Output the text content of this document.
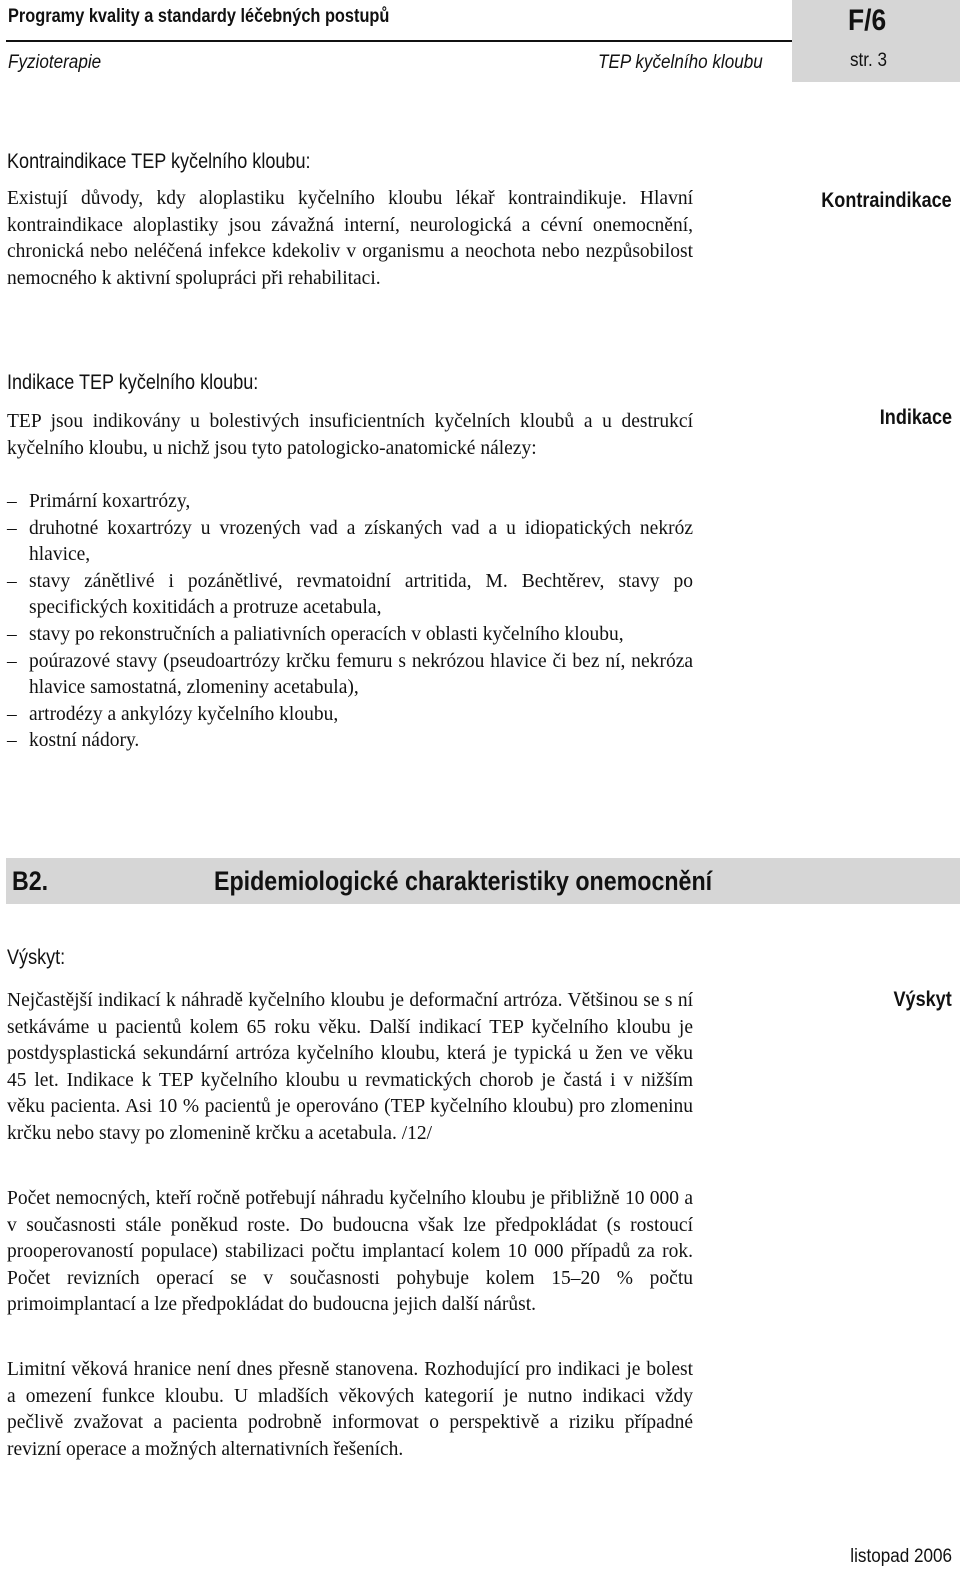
Programy kvality a standardy léčebných postupů
Fyzioterapie	TEP kyčelního kloubu
F/6
str. 3
Kontraindikace TEP kyčelního kloubu:

Existují důvody, kdy aloplastiku kyčelního kloubu lékař kontraindikuje. Hlavní kontraindikace aloplastiky jsou závažná interní, neurologická a cévní onemocnění, chronická nebo neléčená infekce kdekoliv v organismu a neochota nebo nezpůsobilost nemocného k aktivní spolupráci při rehabilitaci.

Kontraindikace
Indikace TEP kyčelního kloubu:

TEP jsou indikovány u bolestivých insuficientních kyčelních kloubů a u destrukcí kyčelního kloubu, u nichž jsou tyto patologicko-anatomické nálezy:

Indikace
– Primární koxartrózy,
– druhotné koxartrózy u vrozených vad a získaných vad a u idiopatických nekróz hlavice,
– stavy zánětlivé i pozánětlivé, revmatoidní artritida, M. Bechtěrev, stavy po specifických koxitidách a protruze acetabula,
– stavy po rekonstručních a paliativních operacích v oblasti kyčelního kloubu,
– poúrazové stavy (pseudoartrózy krčku femuru s nekrózou hlavice či bez ní, nekróza hlavice samostatná, zlomeniny acetabula),
– artrodézy a ankylózy kyčelního kloubu,
– kostní nádory.
B2.	Epidemiologické charakteristiky onemocnění
Výskyt:
Výskyt

Nejčastější indikací k náhradě kyčelního kloubu je deformační artróza. Většinou se s ní setkáváme u pacientů kolem 65 roku věku. Další indikací TEP kyčelního kloubu je postdysplastická sekundární artróza kyčelního kloubu, která je typická u žen ve věku 45 let. Indikace k TEP kyčelního kloubu u revmatických chorob je častá i v nižším věku pacienta. Asi 10 % pacientů je operováno (TEP kyčelního kloubu) pro zlomeninu krčku nebo stavy po zlomenině krčku a acetabula. /12/

Počet nemocných, kteří ročně potřebují náhradu kyčelního kloubu je přibližně 10 000 a v současnosti stále poněkud roste. Do budoucna však lze předpokládat (s rostoucí prooperovaností populace) stabilizaci počtu implantací kolem 10 000 případů za rok. Počet revizních operací se v současnosti pohybuje kolem 15–20 % počtu primoimplantací a lze předpokládat do budoucna jejich další nárůst.

Limitní věková hranice není dnes přesně stanovena. Rozhodující pro indikaci je bolest a omezení funkce kloubu. U mladších věkových kategorií je nutno indikaci vždy pečlivě zvažovat a pacienta podrobně informovat o perspektivě a riziku případné revizní operace a možných alternativních řešeních.

listopad 2006
